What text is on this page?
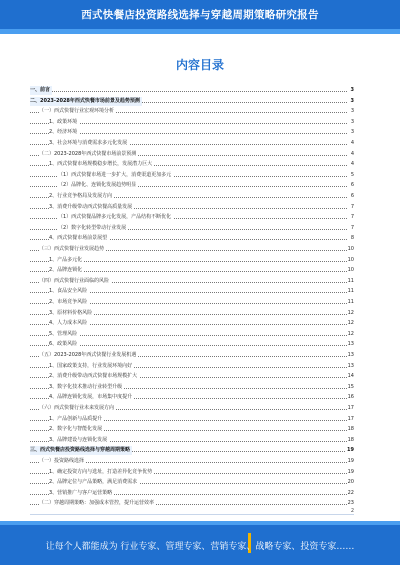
西式快餐店投资路线选择与穿越周期策略研究报告
内容目录
一、前言	3
二、2023-2028年西式快餐市场前景及趋势预测	3
（一）西式快餐行业宏观环境分析	3
1、政策环境	3
2、经济环境	3
3、社会环境与消费需求多元化发展	4
（二）2023-2028年西式快餐市场前景预测	4
1、西式快餐市场规模稳步增长，发展潜力巨大	4
（1）西式快餐市场进一步扩大，消费渠道更加多元	5
（2）品牌化、连锁化发展趋势明显	6
2、行业竞争格局及发展方向	6
3、消费升级带动西式快餐高质量发展	7
（1）西式快餐品牌多元化发展，产品结构不断优化	7
（2）数字化转型带动行业发展	7
4、西式快餐市场前景展望	8
（三）西式快餐行业发展趋势	10
1、产品多元化	10
2、品牌连锁化	10
（四）西式快餐行业面临的风险	11
1、食品安全风险	11
2、市场竞争风险	11
3、原材料价格风险	12
4、人力成本风险	12
5、管理风险	12
6、政策风险	13
（五）2023-2028年西式快餐行业发展机遇	13
1、国家政策支持，行业发展环境向好	13
2、消费升级带动西式快餐市场规模扩大	14
3、数字化技术推动行业转型升级	15
4、品牌连锁化发展，市场集中度提升	16
（六）西式快餐行业未来发展方向	17
1、产品创新与品质提升	17
2、数字化与智能化发展	18
3、品牌建设与连锁化发展	18
三、西式快餐店投资路线选择与穿越周期策略	19
（一）投资路线选择	19
1、确定投资方向与选址，打造差异化竞争优势	19
2、品牌定位与产品策略，满足消费需求	20
3、营销推广与客户运营策略	22
（二）穿越周期策略：加强成本管控，提升运营效率	23
2
让每个人都能成为 行业专家、管理专家、营销专家、战略专家、投资专家……
